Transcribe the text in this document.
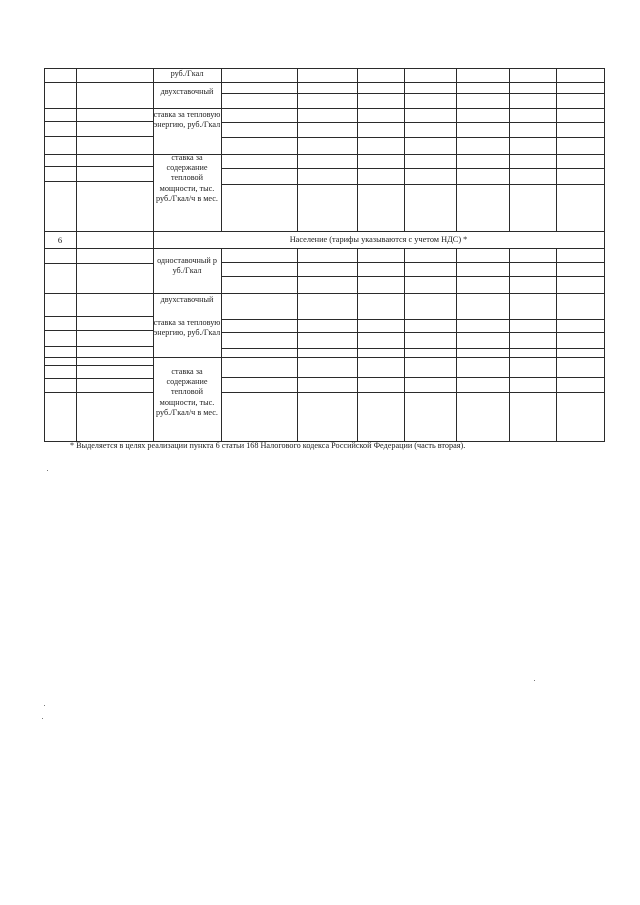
руб./Гкал
двухставочный
ставка за тепловую энергию, руб./Гкал
ставка за содержание тепловой мощности, тыс. руб./Гкал/ч в мес.
6	Население (тарифы указываются с учетом НДС) *
одноставочный руб./Гкал
двухставочный
ставка за тепловую энергию, руб./Гкал
ставка за содержание тепловой мощности, тыс. руб./Гкал/ч в мес.
* Выделяется в целях реализации пункта 6 статьи 168 Налогового кодекса Российской Федерации (часть вторая).
